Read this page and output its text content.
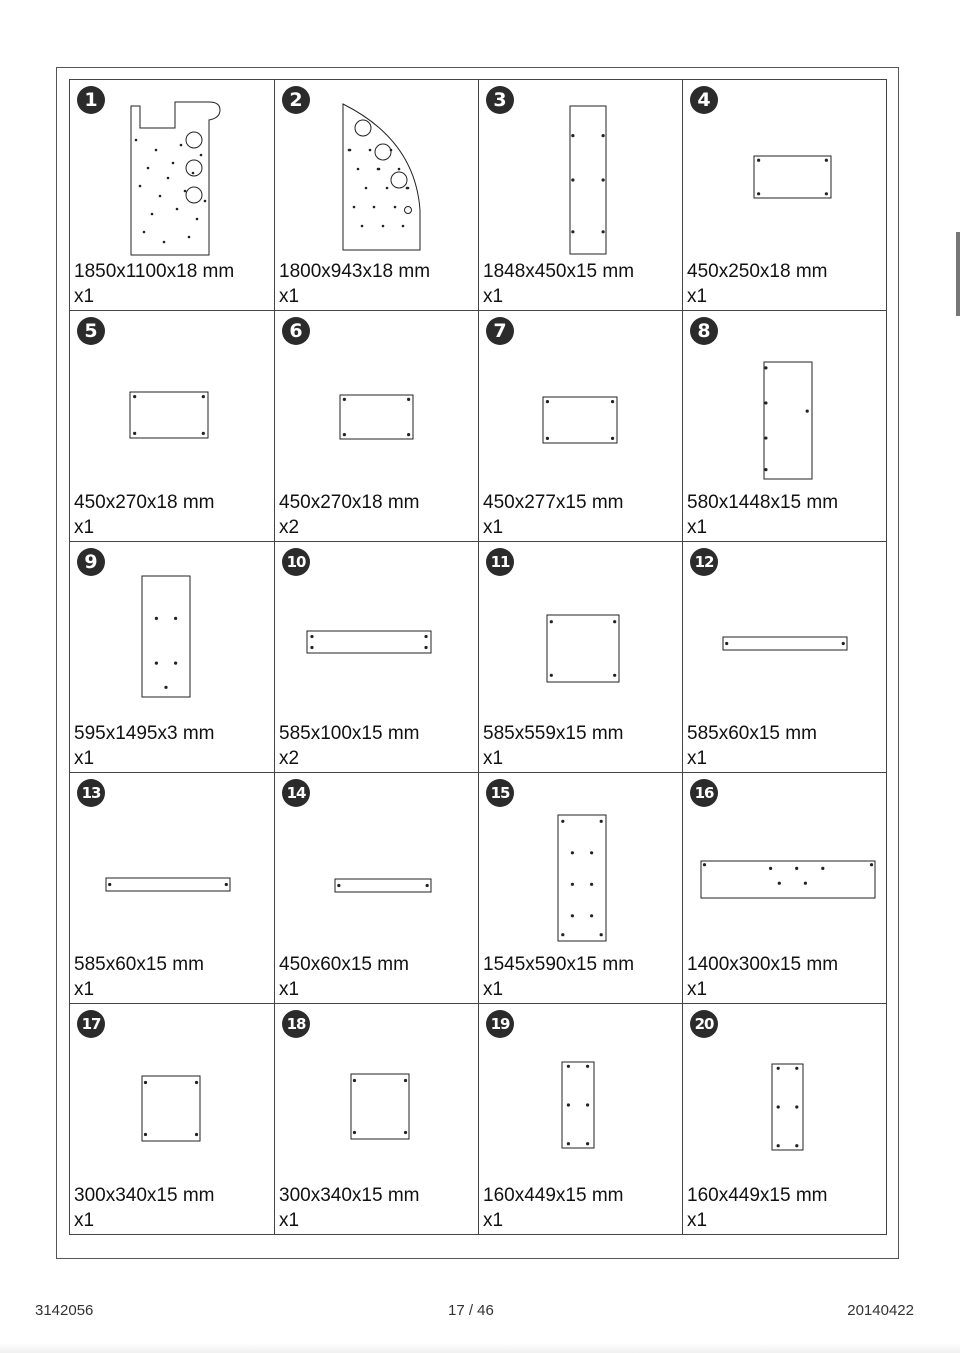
1
1850x1100x18 mm
x1
2
1800x943x18 mm
x1
3
1848x450x15 mm
x1
4
450x250x18 mm
x1
5
450x270x18 mm
x1
6
450x270x18 mm
x2
7
450x277x15 mm
x1
8
580x1448x15 mm
x1
9
595x1495x3 mm
x1
10
585x100x15 mm
x2
11
585x559x15 mm
x1
12
585x60x15 mm
x1
13
585x60x15 mm
x1
14
450x60x15 mm
x1
15
1545x590x15 mm
x1
16
1400x300x15 mm
x1
17
300x340x15 mm
x1
18
300x340x15 mm
x1
19
160x449x15 mm
x1
20
160x449x15 mm
x1
3142056	17 / 46	20140422
